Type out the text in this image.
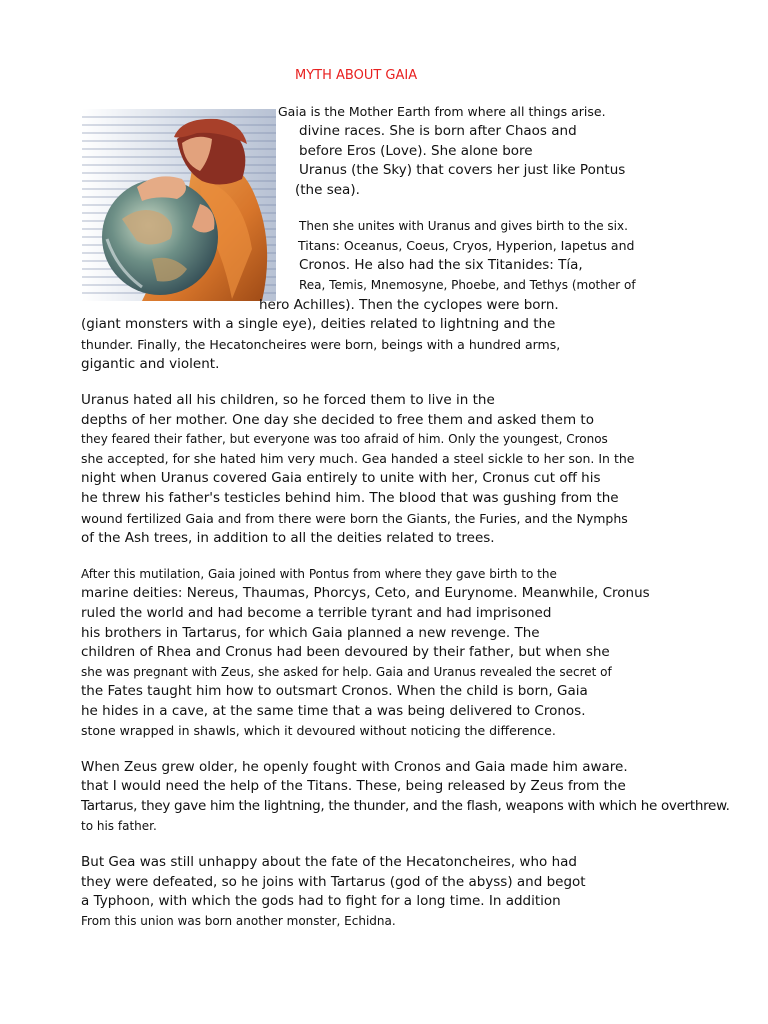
MYTH ABOUT GAIA
Gaia is the Mother Earth from where all things arise.
divine races. She is born after Chaos and
before Eros (Love). She alone bore
Uranus (the Sky) that covers her just like Pontus
(the sea).
Then she unites with Uranus and gives birth to the six.
Titans: Oceanus, Coeus, Cryos, Hyperion, Iapetus and
Cronos. He also had the six Titanides: Tía,
Rea, Temis, Mnemosyne, Phoebe, and Tethys (mother of
hero Achilles). Then the cyclopes were born.
(giant monsters with a single eye), deities related to lightning and the
thunder. Finally, the Hecatoncheires were born, beings with a hundred arms,
gigantic and violent.
Uranus hated all his children, so he forced them to live in the
depths of her mother. One day she decided to free them and asked them to
they feared their father, but everyone was too afraid of him. Only the youngest, Cronos
she accepted, for she hated him very much. Gea handed a steel sickle to her son. In the
night when Uranus covered Gaia entirely to unite with her, Cronus cut off his
he threw his father's testicles behind him. The blood that was gushing from the
wound fertilized Gaia and from there were born the Giants, the Furies, and the Nymphs
of the Ash trees, in addition to all the deities related to trees.
After this mutilation, Gaia joined with Pontus from where they gave birth to the
marine deities: Nereus, Thaumas, Phorcys, Ceto, and Eurynome. Meanwhile, Cronus
ruled the world and had become a terrible tyrant and had imprisoned
his brothers in Tartarus, for which Gaia planned a new revenge. The
children of Rhea and Cronus had been devoured by their father, but when she
she was pregnant with Zeus, she asked for help. Gaia and Uranus revealed the secret of
the Fates taught him how to outsmart Cronos. When the child is born, Gaia
he hides in a cave, at the same time that a was being delivered to Cronos.
stone wrapped in shawls, which it devoured without noticing the difference.
When Zeus grew older, he openly fought with Cronos and Gaia made him aware.
that I would need the help of the Titans. These, being released by Zeus from the
Tartarus, they gave him the lightning, the thunder, and the flash, weapons with which he overthrew.
to his father.
But Gea was still unhappy about the fate of the Hecatoncheires, who had
they were defeated, so he joins with Tartarus (god of the abyss) and begot
a Typhoon, with which the gods had to fight for a long time. In addition
From this union was born another monster, Echidna.
